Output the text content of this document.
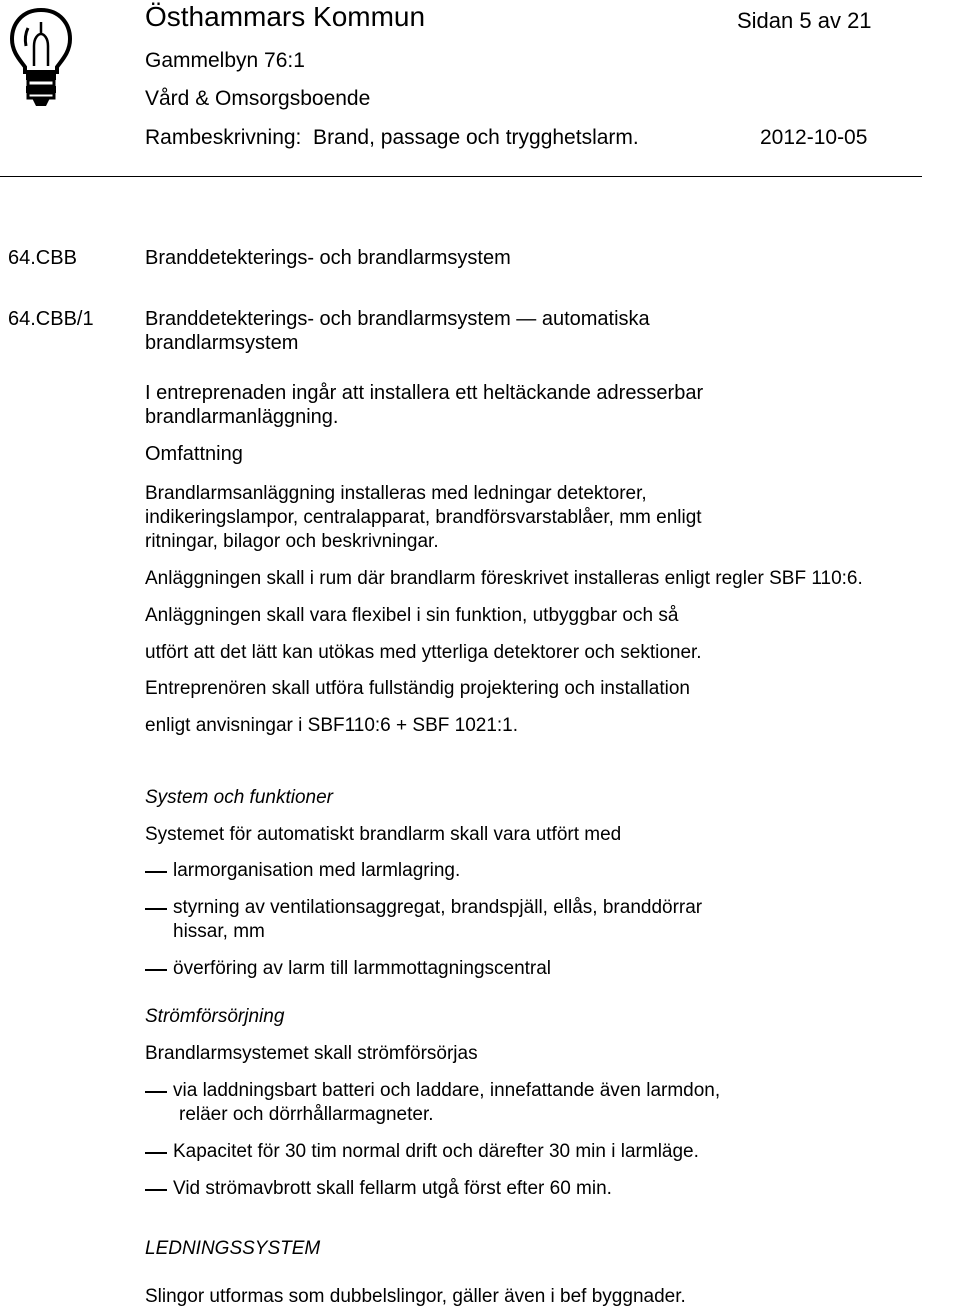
Östhammars Kommun	Sidan 5 av 21
Gammelbyn 76:1
Vård & Omsorgsboende
Rambeskrivning:  Brand, passage och trygghetslarm.	2012-10-05
64.CBB	Branddetekterings- och brandlarmsystem
64.CBB/1	Branddetekterings- och brandlarmsystem — automatiska
brandlarmsystem
I entreprenaden ingår att installera ett heltäckande adresserbar
brandlarmanläggning.
Omfattning
Brandlarmsanläggning installeras med ledningar detektorer,
indikeringslampor, centralapparat, brandförsvarstablåer, mm enligt
ritningar, bilagor och beskrivningar.
Anläggningen skall i rum där brandlarm föreskrivet installeras enligt regler SBF 110:6.
Anläggningen skall vara flexibel i sin funktion, utbyggbar och så
utfört att det lätt kan utökas med ytterliga detektorer och sektioner.
Entreprenören skall utföra fullständig projektering och installation
enligt anvisningar i SBF110:6 + SBF 1021:1.
System och funktioner
Systemet för automatiskt brandlarm skall vara utfört med
larmorganisation med larmlagring.
styrning av ventilationsaggregat, brandspjäll, ellås, branddörrar
hissar, mm
överföring av larm till larmmottagningscentral
Strömförsörjning
Brandlarmsystemet skall strömförsörjas
via laddningsbart batteri och laddare, innefattande även larmdon,
reläer och dörrhållarmagneter.
Kapacitet för 30 tim normal drift och därefter 30 min i larmläge.
Vid strömavbrott skall fellarm utgå först efter 60 min.
LEDNINGSSYSTEM
Slingor utformas som dubbelslingor, gäller även i bef byggnader.
